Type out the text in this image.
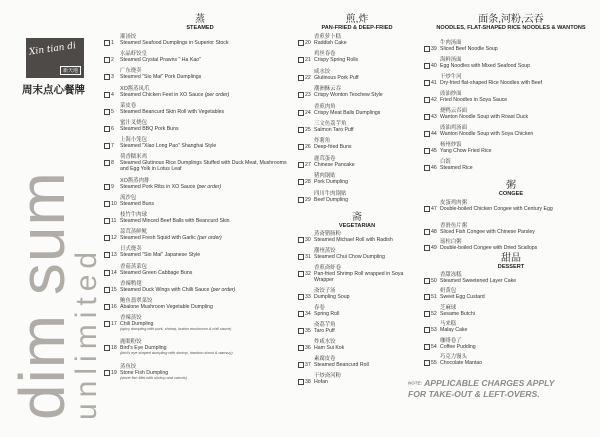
Xin tian di
新天地
周末点心餐牌
dim sum
unlimited
蒸
STEAMED
灌汤饺
1	Steamed Seafood Dumplings in Superior Stock
水晶虾饺皇
2	Steamed Crystal Prawns " Ha Kao"
广东烧卖
3	Steamed "Sio Mai" Pork Dumplings
XO酱蒸凤爪
4	Steamed Chicken Feet in XO Sauce (per order)
菜皮卷
5	Steamed Beancurd Skin Roll with Vegetables
蜜汁叉烧包
6	Steamed BBQ Pork Buns
上海小笼包
7	Steamed "Xiao Long Pao" Shanghai Style
荷香糯米鸡
8	Steamed Glutinous Rice Dumplings Stuffed with Duck Meat, Mushrooms and Egg Yolk in Lotus Leaf
XO酱蒸肉排
9	Steamed Pork Ribs in XO Sauce (per order)
流沙包
10 Steamed Buns
枝竹牛肉球
11 Steamed Minced Beef Balls with Beancurd Skin
蒜茸蒸鲜鱿
12 Steamed Fresh Squid with Garlic (per order)
日式烧卖
13 Steamed "Sio Mai" Japanese Style
香菇蒸菜包
14 Steamed Green Cabbage Buns
香辣鸭翅
15 Steamed Duck Wings with Chilli Sauce (per order)
鲍鱼翡翠菜饺
16 Abalone Mushroom Vegetable Dumpling
香辣蒸饺
17 Chili Dumpling
(spicy dumpling with pork, shrimp, button mushroom & chili sauce)
鹿眼粉饺
18 Bird's Eye Dumpling
(bird's eye shaped dumpling with shrimp, bamboo shoot & wansuy)
蒸鱼饺
19 Stone Fish Dumpling
(stone fish fillet with shrimp and carrots)
煎,炸
PAN-FRIED & DEEP-FRIED
斋
VEGETARIAN
香煎萝卜糕
20 Raddish Cake
鸡丝春卷
21 Crispy Spring Rolls
咸水饺
22 Glutinous Pork Puff
潮洲酥云吞
23 Crispy Wonton Teochew Style
香煎肉角
24 Crispy Meat Balls Dumplings
三文鱼荔芋角
25 Salmon Taro Puff
炸薯角
26 Deep-fried Buns
鹿茸蛋卷
27 Chinese Pancake
猪肉锅贴
28 Pork Dumpling
四川牛肉锅贴
29 Beef Dumpling
蒸斋猪肠粉
30 Steamed Michael Roll with Radish
潮州蒸饺
31 Steamed Chui Chow Dumpling
香煎斋虾卷
32 Pan-fried Shrimp Roll wrapped in Soya Wrapper
斋饺子汤
33 Dumpling Soup
春卷
34 Spring Roll
斋荔芋角
35 Taro Puff
炸咸水饺
36 Ham Sui Kok
素腐皮卷
37 Steamed Beancurd Roll
干炒斋河粉
38 Hofan
面条,河粉,云吞
NOODLES, FLAT-SHAPED RICE NOODLES & WANTONS
粥
CONGEE
甜品
DESSERT
牛肉汤面
39 Sliced Beef Noodle Soup
海鲜汤面
40 Egg Noodles with Mixed Seafood Soup
干炒牛河
41 Dry-fried flat-shaped Rice Noodles with Beef
豉油炒面
42 Fried Noodles in Soya Sauce
烧鸭云吞面
43 Wanton Noodle Soup with Roast Duck
豉油鸡汤面
44 Wanton Noodle Soup with Soya Chicken
杨州炒饭
45 Yang Chow Fried Rice
白饭
46 Steamed Rice
皮蛋鸡肉粥
47 Double-boiled Chicken Congee with Century Egg
香滑鱼片粥
48 Sliced Fish Congee with Chinese Parsley
瑶柱白粥
49 Double-boiled Congee with Dried Scallops
香甜冻糕
50 Steamed Sweetened Layer Cake
奶黄包
51 Sweet Egg Custard
芝麻球
52 Sesame Butchi
马来糕
53 Malay Cake
咖啡卷了
54 Coffee Pudding
巧克力馒头
55 Chocolate Mantao
NOTE: APPLICABLE CHARGES APPLY
FOR TAKE-OUT & LEFT-OVERS.
